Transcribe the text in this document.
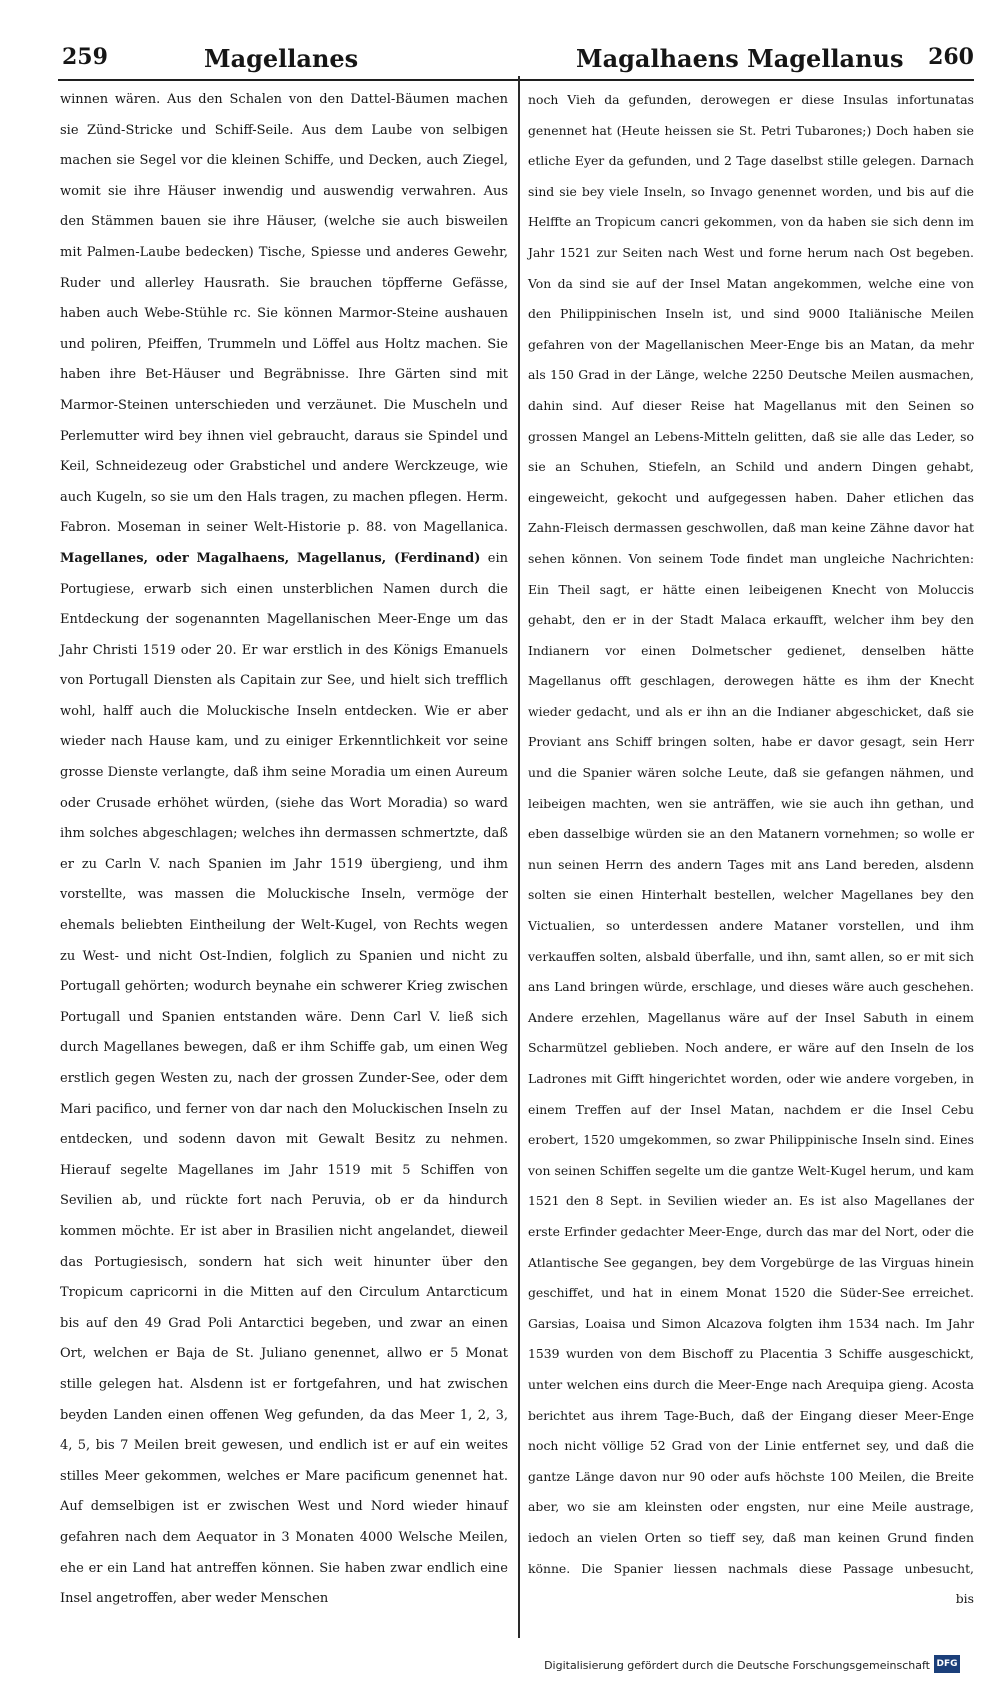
259	Magellanes	Magalhaens Magellanus 260

winnen wären. Aus den Schalen von den Dattel-Bäumen machen sie Zünd-Stricke und Schiff-Seile. Aus dem Laube von selbigen machen sie Segel vor die kleinen Schiffe, und Decken, auch Ziegel, womit sie ihre Häuser inwendig und auswendig verwahren. Aus den Stämmen bauen sie ihre Häuser, (welche sie auch bisweilen mit Palmen-Laube bedecken) Tische, Spiesse und anderes Gewehr, Ruder und allerley Hausrath. Sie brauchen töpfferne Gefässe, haben auch Webe-Stühle rc. Sie können Marmor-Steine aushauen und poliren, Pfeiffen, Trummeln und Löffel aus Holtz machen. Sie haben ihre Bet-Häuser und Begräbnisse. Ihre Gärten sind mit Marmor-Steinen unterschieden und verzäunet. Die Muscheln und Perlemutter wird bey ihnen viel gebraucht, daraus sie Spindel und Keil, Schneidezeug oder Grabstichel und andere Werckzeuge, wie auch Kugeln, so sie um den Hals tragen, zu machen pflegen. Herm. Fabron. Moseman in seiner Welt-Historie p. 88. von Magellanica.

Magellanes, oder Magalhaens, Magellanus, (Ferdinand) ein Portugiese, erwarb sich einen unsterblichen Namen durch die Entdeckung der sogenannten Magellanischen Meer-Enge um das Jahr Christi 1519 oder 20. Er war erstlich in des Königs Emanuels von Portugall Diensten als Capitain zur See, und hielt sich trefflich wohl, halff auch die Moluckische Inseln entdecken. Wie er aber wieder nach Hause kam, und zu einiger Erkenntlichkeit vor seine grosse Dienste verlangte, daß ihm seine Moradia um einen Aureum oder Crusade erhöhet würden, (siehe das Wort Moradia) so ward ihm solches abgeschlagen; welches ihn dermassen schmertzte, daß er zu Carln V. nach Spanien im Jahr 1519 übergieng, und ihm vorstellte, was massen die Moluckische Inseln, vermöge der ehemals beliebten Eintheilung der Welt-Kugel, von Rechts wegen zu West- und nicht Ost-Indien, folglich zu Spanien und nicht zu Portugall gehörten; wodurch beynahe ein schwerer Krieg zwischen Portugall und Spanien entstanden wäre. Denn Carl V. ließ sich durch Magellanes bewegen, daß er ihm Schiffe gab, um einen Weg erstlich gegen Westen zu, nach der grossen Zunder-See, oder dem Mari pacifico, und ferner von dar nach den Moluckischen Inseln zu entdecken, und sodenn davon mit Gewalt Besitz zu nehmen. Hierauf segelte Magellanes im Jahr 1519 mit 5 Schiffen von Sevilien ab, und rückte fort nach Peruvia, ob er da hindurch kommen möchte. Er ist aber in Brasilien nicht angelandet, dieweil das Portugiesisch, sondern hat sich weit hinunter über den Tropicum capricorni in die Mitten auf den Circulum Antarcticum bis auf den 49 Grad Poli Antarctici begeben, und zwar an einen Ort, welchen er Baja de St. Juliano genennet, allwo er 5 Monat stille gelegen hat. Alsdenn ist er fortgefahren, und hat zwischen beyden Landen einen offenen Weg gefunden, da das Meer 1, 2, 3, 4, 5, bis 7 Meilen breit gewesen, und endlich ist er auf ein weites stilles Meer gekommen, welches er Mare pacificum genennet hat. Auf demselbigen ist er zwischen West und Nord wieder hinauf gefahren nach dem Aequator in 3 Monaten 4000 Welsche Meilen, ehe er ein Land hat antreffen können. Sie haben zwar endlich eine Insel angetroffen, aber weder Menschen

noch Vieh da gefunden, derowegen er diese Insulas infortunatas genennet hat (Heute heissen sie St. Petri Tubarones;) Doch haben sie etliche Eyer da gefunden, und 2 Tage daselbst stille gelegen. Darnach sind sie bey viele Inseln, so Invago genennet worden, und bis auf die Helffte an Tropicum cancri gekommen, von da haben sie sich denn im Jahr 1521 zur Seiten nach West und forne herum nach Ost begeben. Von da sind sie auf der Insel Matan angekommen, welche eine von den Philippinischen Inseln ist, und sind 9000 Italiänische Meilen gefahren von der Magellanischen Meer-Enge bis an Matan, da mehr als 150 Grad in der Länge, welche 2250 Deutsche Meilen ausmachen, dahin sind. Auf dieser Reise hat Magellanus mit den Seinen so grossen Mangel an Lebens-Mitteln gelitten, daß sie alle das Leder, so sie an Schuhen, Stiefeln, an Schild und andern Dingen gehabt, eingeweicht, gekocht und aufgegessen haben. Daher etlichen das Zahn-Fleisch dermassen geschwollen, daß man keine Zähne davor hat sehen können. Von seinem Tode findet man ungleiche Nachrichten: Ein Theil sagt, er hätte einen leibeigenen Knecht von Moluccis gehabt, den er in der Stadt Malaca erkaufft, welcher ihm bey den Indianern vor einen Dolmetscher gedienet, denselben hätte Magellanus offt geschlagen, derowegen hätte es ihm der Knecht wieder gedacht, und als er ihn an die Indianer abgeschicket, daß sie Proviant ans Schiff bringen solten, habe er davor gesagt, sein Herr und die Spanier wären solche Leute, daß sie gefangen nähmen, und leibeigen machten, wen sie anträffen, wie sie auch ihn gethan, und eben dasselbige würden sie an den Matanern vornehmen; so wolle er nun seinen Herrn des andern Tages mit ans Land bereden, alsdenn solten sie einen Hinterhalt bestellen, welcher Magellanes bey den Victualien, so unterdessen andere Mataner vorstellen, und ihm verkauffen solten, alsbald überfalle, und ihn, samt allen, so er mit sich ans Land bringen würde, erschlage, und dieses wäre auch geschehen. Andere erzehlen, Magellanus wäre auf der Insel Sabuth in einem Scharmützel geblieben. Noch andere, er wäre auf den Inseln de los Ladrones mit Gifft hingerichtet worden, oder wie andere vorgeben, in einem Treffen auf der Insel Matan, nachdem er die Insel Cebu erobert, 1520 umgekommen, so zwar Philippinische Inseln sind. Eines von seinen Schiffen segelte um die gantze Welt-Kugel herum, und kam 1521 den 8 Sept. in Sevilien wieder an. Es ist also Magellanes der erste Erfinder gedachter Meer-Enge, durch das mar del Nort, oder die Atlantische See gegangen, bey dem Vorgebürge de las Virguas hinein geschiffet, und hat in einem Monat 1520 die Süder-See erreichet. Garsias, Loaisa und Simon Alcazova folgten ihm 1534 nach. Im Jahr 1539 wurden von dem Bischoff zu Placentia 3 Schiffe ausgeschickt, unter welchen eins durch die Meer-Enge nach Arequipa gieng. Acosta berichtet aus ihrem Tage-Buch, daß der Eingang dieser Meer-Enge noch nicht völlige 52 Grad von der Linie entfernet sey, und daß die gantze Länge davon nur 90 oder aufs höchste 100 Meilen, die Breite aber, wo sie am kleinsten oder engsten, nur eine Meile austrage, iedoch an vielen Orten so tieff sey, daß man keinen Grund finden könne. Die Spanier liessen nachmals diese Passage unbesucht,

bis

Digitalisierung gefördert durch die Deutsche Forschungsgemeinschaft DFG
